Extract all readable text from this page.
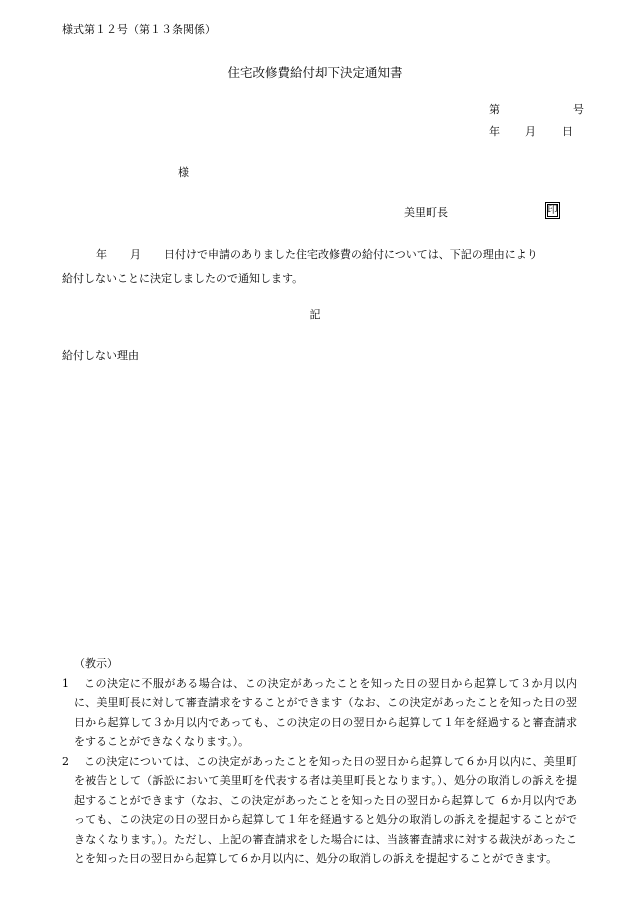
様式第１２号（第１３条関係）
住宅改修費給付却下決定通知書
第	号
年 月 日
様
美里町長	印
年 月 日付けで申請のありました住宅改修費の給付については、下記の理由により
給付しないことに決定しましたので通知します。
記
給付しない理由
（教示）
1	この決定に不服がある場合は、この決定があったことを知った日の翌日から起算して３か月以内に、美里町長に対して審査請求をすることができます（なお、この決定があったことを知った日の翌日から起算して３か月以内であっても、この決定の日の翌日から起算して１年を経過すると審査請求をすることができなくなります。）。
2	この決定については、この決定があったことを知った日の翌日から起算して６か月以内に、美里町を被告として（訴訟において美里町を代表する者は美里町長となります。）、処分の取消しの訴えを提起することができます（なお、この決定があったことを知った日の翌日から起算して ６か月以内であっても、この決定の日の翌日から起算して１年を経過すると処分の取消しの訴えを提起することができなくなります。）。ただし、上記の審査請求をした場合には、当該審査請求に対する裁決があったことを知った日の翌日から起算して６か月以内に、処分の取消しの訴えを提起することができます。
